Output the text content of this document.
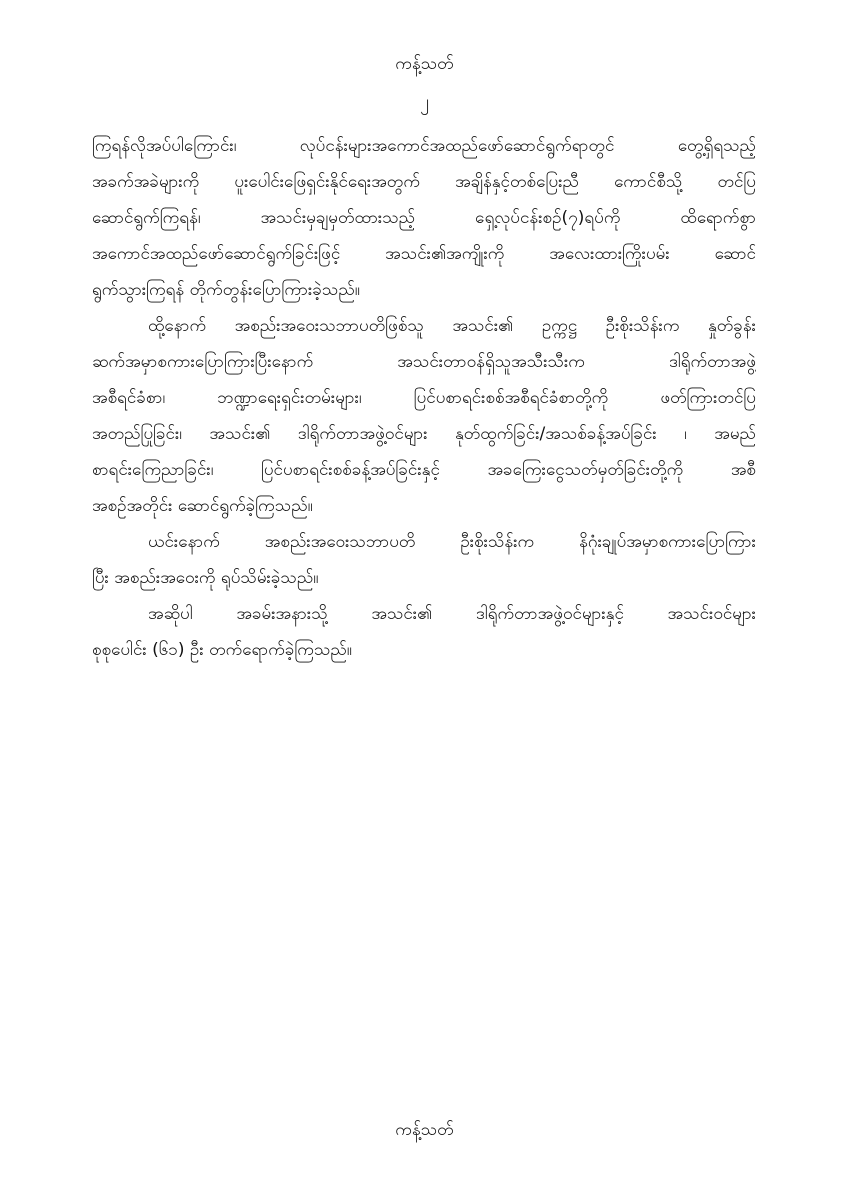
ကန့်သတ်
၂
ကြရန်လိုအပ်ပါကြောင်း၊ လုပ်ငန်းများအကောင်အထည်ဖော်ဆောင်ရွက်ရာတွင် တွေ့ရှိရသည့်
အခက်အခဲများကို ပူးပေါင်းဖြေရှင်းနိုင်ရေးအတွက် အချိန်နှင့်တစ်ပြေးညီ ကောင်စီသို့ တင်ပြ
ဆောင်ရွက်ကြရန်၊ အသင်းမှချမှတ်ထားသည့် ရှေ့လုပ်ငန်းစဉ်(၇)ရပ်ကို ထိရောက်စွာ
အကောင်အထည်ဖော်ဆောင်ရွက်ခြင်းဖြင့် အသင်း၏အကျိုးကို အလေးထားကြိုးပမ်း ဆောင်
ရွက်သွားကြရန် တိုက်တွန်းပြောကြားခဲ့သည်။
ထို့နောက် အစည်းအဝေးသဘာပတိဖြစ်သူ အသင်း၏ ဥက္ကဋ္ဌ ဦးစိုးသိန်းက နှုတ်ခွန်း
ဆက်အမှာစကားပြောကြားပြီးနောက် အသင်းတာဝန်ရှိသူအသီးသီးက ဒါရိုက်တာအဖွဲ့
အစီရင်ခံစာ၊ ဘဏ္ဍာရေးရှင်းတမ်းများ၊ ပြင်ပစာရင်းစစ်အစီရင်ခံစာတို့ကို ဖတ်ကြားတင်ပြ
အတည်ပြုခြင်း၊ အသင်း၏ ဒါရိုက်တာအဖွဲ့ဝင်များ နုတ်ထွက်ခြင်း/အသစ်ခန့်အပ်ခြင်း ၊ အမည်
စာရင်းကြေညာခြင်း၊ ပြင်ပစာရင်းစစ်ခန့်အပ်ခြင်းနှင့် အခကြေးငွေသတ်မှတ်ခြင်းတို့ကို အစီ
အစဉ်အတိုင်း ဆောင်ရွက်ခဲ့ကြသည်။
ယင်းနောက် အစည်းအဝေးသဘာပတိ ဦးစိုးသိန်းက နိဂုံးချုပ်အမှာစကားပြောကြား
ပြီး အစည်းအဝေးကို ရုပ်သိမ်းခဲ့သည်။
အဆိုပါ အခမ်းအနားသို့ အသင်း၏ ဒါရိုက်တာအဖွဲ့ဝင်များနှင့် အသင်းဝင်များ
စုစုပေါင်း (၆၁) ဦး တက်ရောက်ခဲ့ကြသည်။
ကန့်သတ်
